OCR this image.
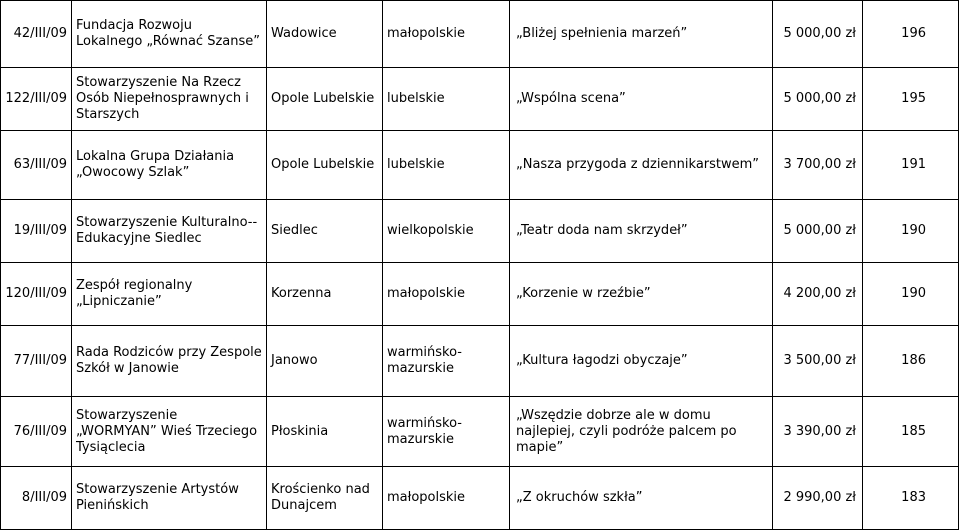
42/III/09	Fundacja Rozwoju Lokalnego „Równać Szanse”	Wadowice	małopolskie	„Bliżej spełnienia marzeń”	5 000,00 zł	196
122/III/09	Stowarzyszenie Na Rzecz Osób Niepełnosprawnych i Starszych	Opole Lubelskie	lubelskie	„Wspólna scena”	5 000,00 zł	195
63/III/09	Lokalna Grupa Działania „Owocowy Szlak”	Opole Lubelskie	lubelskie	„Nasza przygoda z dziennikarstwem”	3 700,00 zł	191
19/III/09	Stowarzyszenie Kulturalno--Edukacyjne Siedlec	Siedlec	wielkopolskie	„Teatr doda nam skrzydeł”	5 000,00 zł	190
120/III/09	Zespół regionalny „Lipniczanie”	Korzenna	małopolskie	„Korzenie w rzeźbie”	4 200,00 zł	190
77/III/09	Rada Rodziców przy Zespole Szkół w Janowie	Janowo	warmińsko-mazurskie	„Kultura łagodzi obyczaje”	3 500,00 zł	186
76/III/09	Stowarzyszenie „WORMYAN” Wieś Trzeciego Tysiąclecia	Płoskinia	warmińsko-mazurskie	„Wszędzie dobrze ale w domu najlepiej, czyli podróże palcem po mapie”	3 390,00 zł	185
8/III/09	Stowarzyszenie Artystów Pienińskich	Krościenko nad Dunajcem	małopolskie	„Z okruchów szkła”	2 990,00 zł	183
